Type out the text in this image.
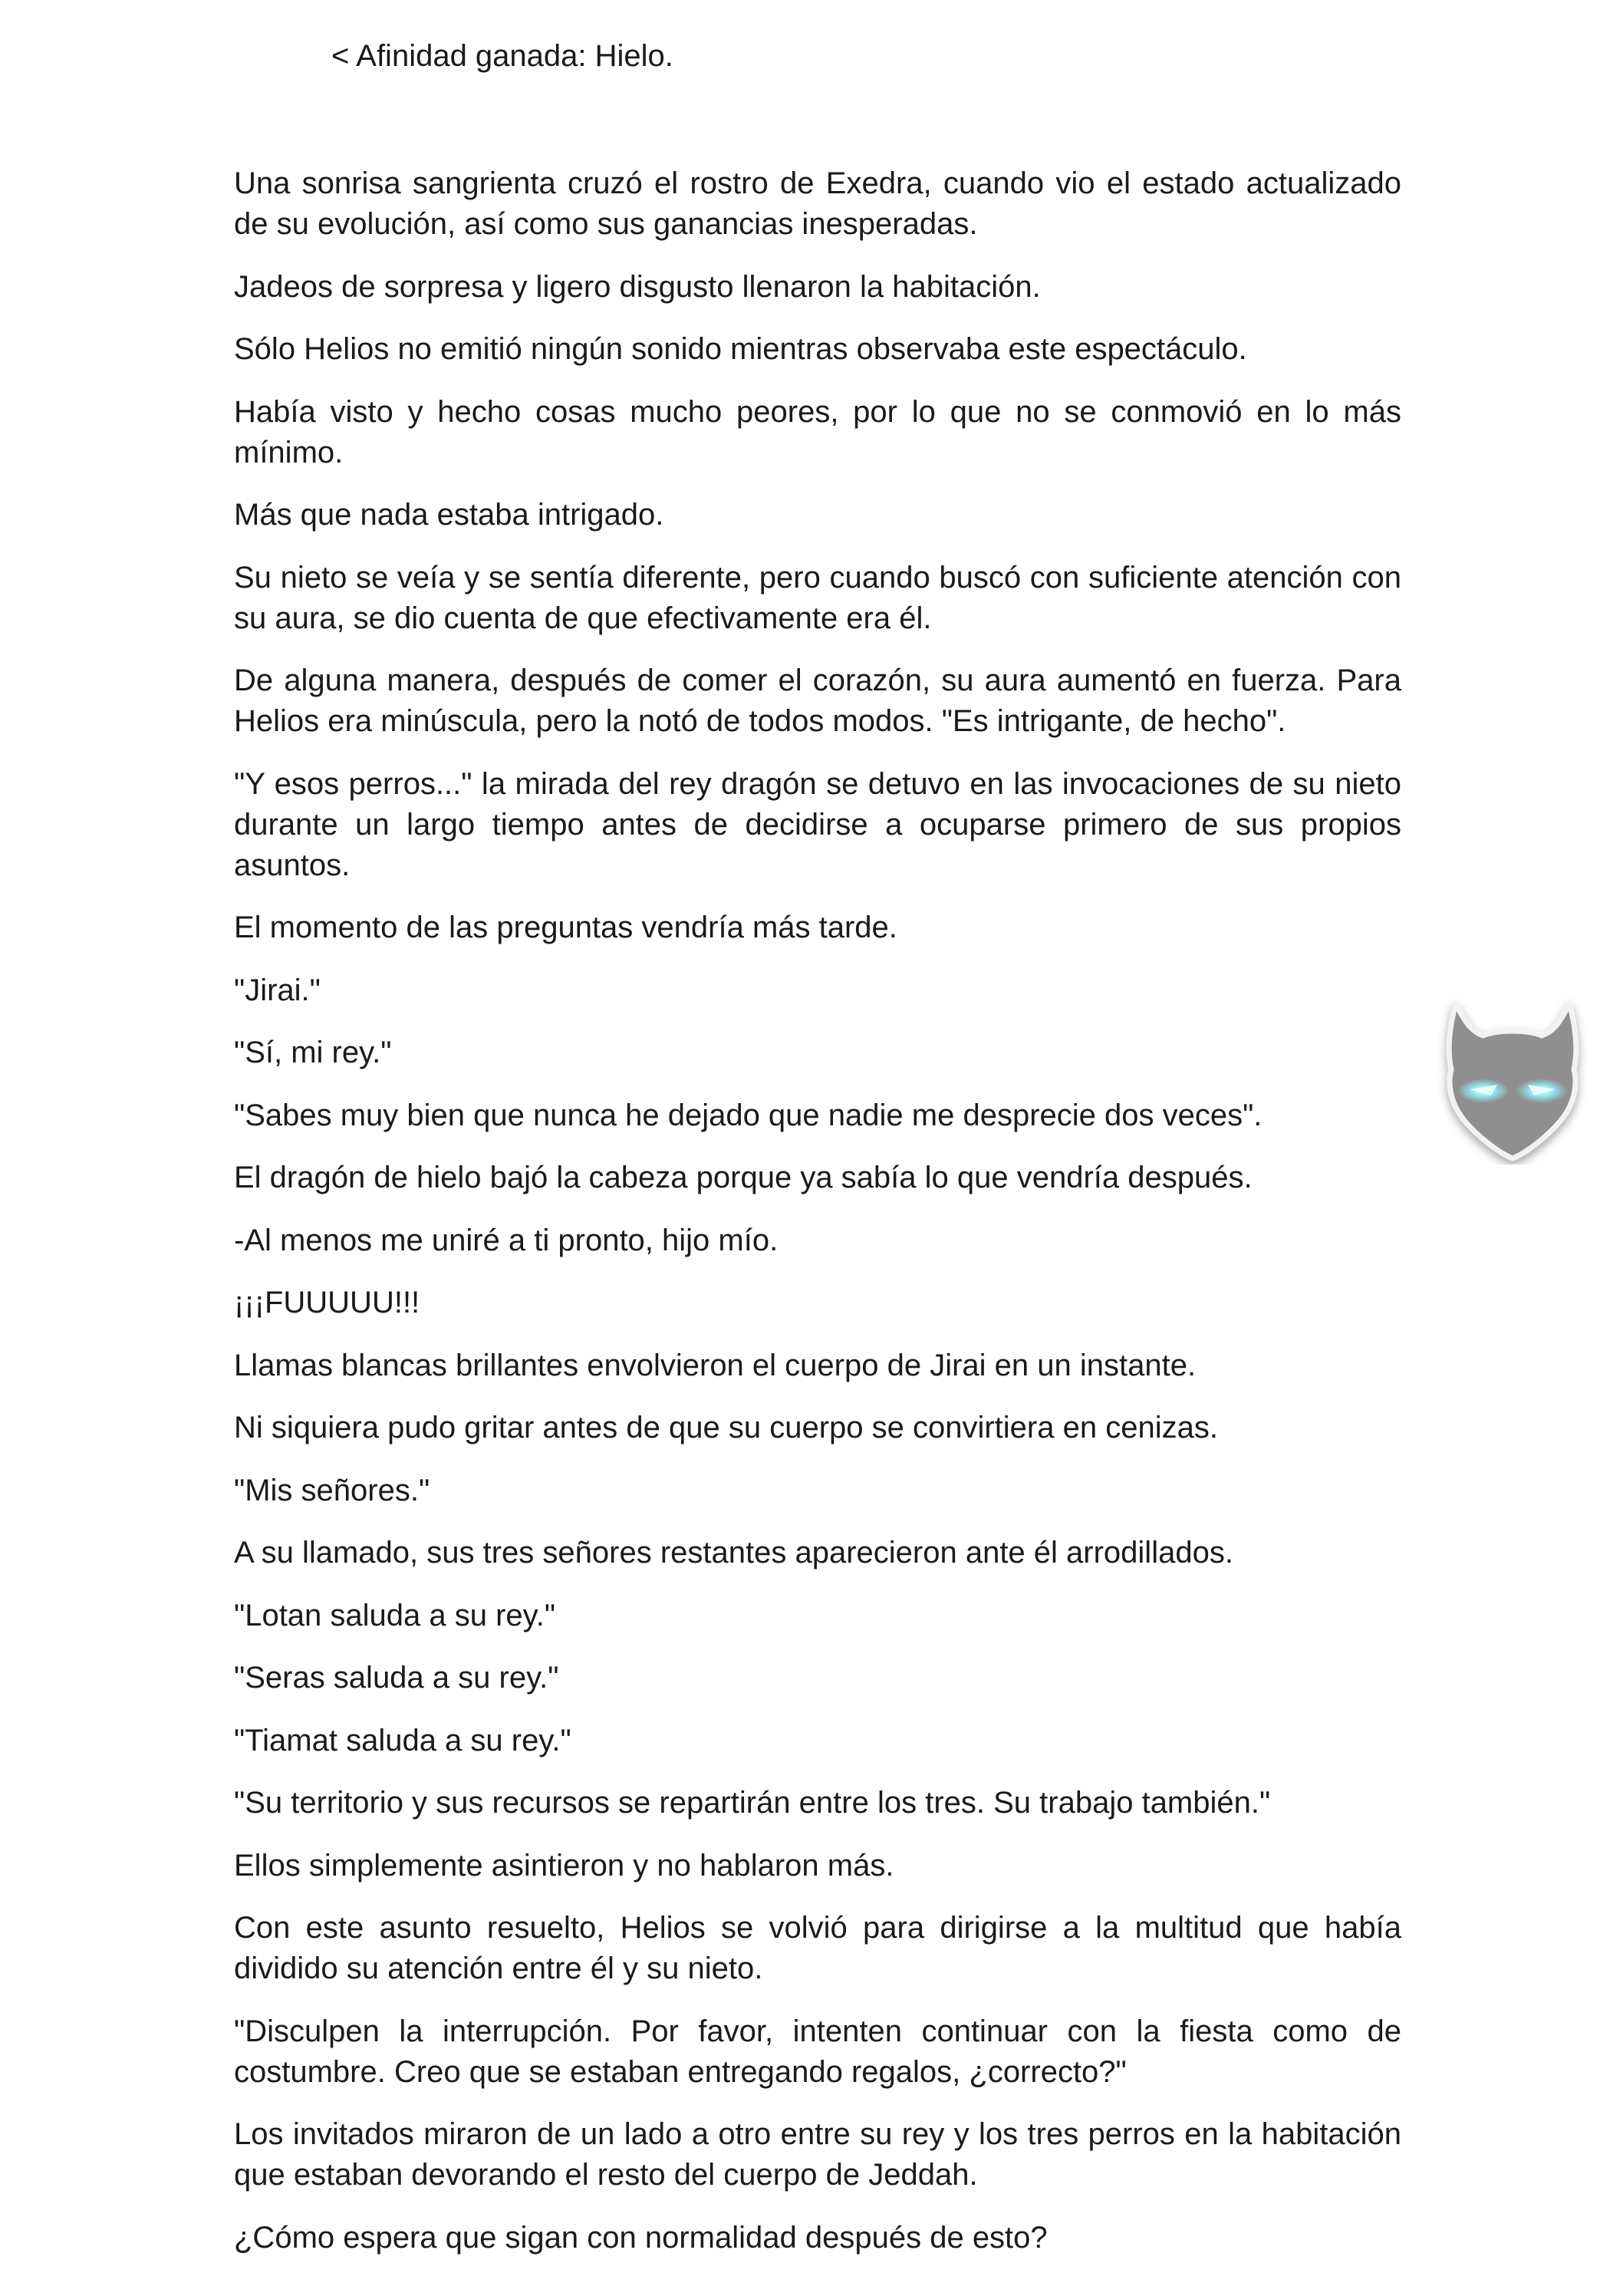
< Afinidad ganada: Hielo.

Una sonrisa sangrienta cruzó el rostro de Exedra, cuando vio el estado actualizado de su evolución, así como sus ganancias inesperadas.

Jadeos de sorpresa y ligero disgusto llenaron la habitación.

Sólo Helios no emitió ningún sonido mientras observaba este espectáculo.

Había visto y hecho cosas mucho peores, por lo que no se conmovió en lo más mínimo.

Más que nada estaba intrigado.

Su nieto se veía y se sentía diferente, pero cuando buscó con suficiente atención con su aura, se dio cuenta de que efectivamente era él.

De alguna manera, después de comer el corazón, su aura aumentó en fuerza. Para Helios era minúscula, pero la notó de todos modos. "Es intrigante, de hecho".

"Y esos perros..." la mirada del rey dragón se detuvo en las invocaciones de su nieto durante un largo tiempo antes de decidirse a ocuparse primero de sus propios asuntos.

El momento de las preguntas vendría más tarde.

"Jirai."

"Sí, mi rey."

"Sabes muy bien que nunca he dejado que nadie me desprecie dos veces".

El dragón de hielo bajó la cabeza porque ya sabía lo que vendría después.

-Al menos me uniré a ti pronto, hijo mío.

¡¡¡FUUUUU!!!

Llamas blancas brillantes envolvieron el cuerpo de Jirai en un instante.

Ni siquiera pudo gritar antes de que su cuerpo se convirtiera en cenizas.

"Mis señores."

A su llamado, sus tres señores restantes aparecieron ante él arrodillados.

"Lotan saluda a su rey."

"Seras saluda a su rey."

"Tiamat saluda a su rey."

"Su territorio y sus recursos se repartirán entre los tres. Su trabajo también."

Ellos simplemente asintieron y no hablaron más.

Con este asunto resuelto, Helios se volvió para dirigirse a la multitud que había dividido su atención entre él y su nieto.

"Disculpen la interrupción. Por favor, intenten continuar con la fiesta como de costumbre. Creo que se estaban entregando regalos, ¿correcto?"

Los invitados miraron de un lado a otro entre su rey y los tres perros en la habitación que estaban devorando el resto del cuerpo de Jeddah.

¿Cómo espera que sigan con normalidad después de esto?
